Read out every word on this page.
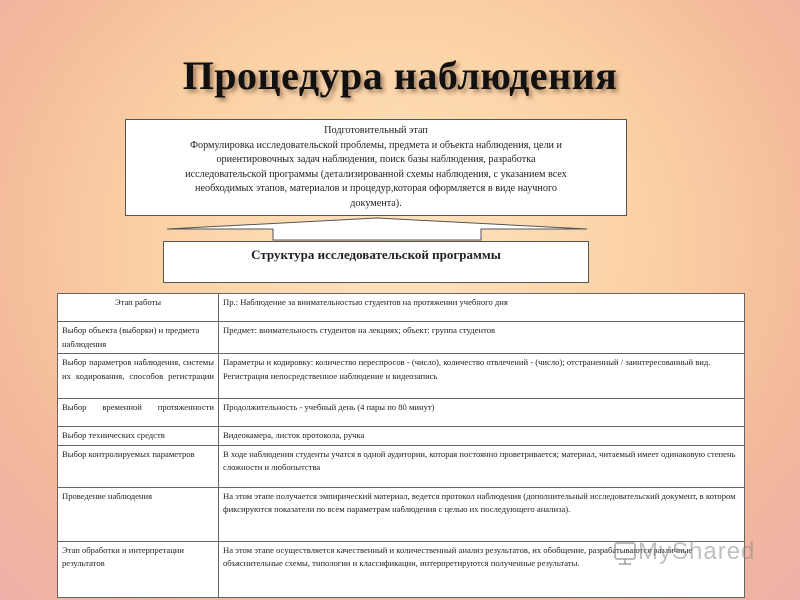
Процедура наблюдения
Подготовительный этап
Формулировка исследовательской проблемы, предмета и объекта наблюдения, цели и
ориентировочных задач наблюдения, поиск базы наблюдения, разработка
исследовательской программы (детализированной схемы наблюдения, с указанием всех
необходимых этапов, материалов и процедур,которая оформляется в виде научного
документа).
Структура исследовательской программы
Этап работы	Пр.: Наблюдение за внимательностью студентов на протяжении учебного дня
Выбор объекта (выборки) и предмета наблюдения	Предмет: внимательность студентов на лекциях; объект: группа студентов
Выбор параметров наблюдения, системы их кодирования, способов регистрации	Параметры и кодировку: количество переспросов - (число), количество отвлечений - (число); отстраненный / заинтересованный вид. Регистрация непосредственное наблюдение и видеозапись
Выбор временной протяженности	Продолжительность - учебный день (4 пары по 80 минут)
Выбор технических средств	Видеокамера, листок протокола, ручка
Выбор контролируемых параметров	В ходе наблюдения студенты учатся в одной аудитории, которая постоянно проветривается; материал, читаемый имеет одинаковую степень сложности и любопытства
Проведение наблюдения	На этом этапе получается эмпирический материал, ведется протокол наблюдения (дополнительный исследовательский документ, в котором фиксируются показатели по всем параметрам наблюдения с целью их последующего анализа).
Этап обработки и интерпретации результатов	На этом этапе осуществляется качественный и количественный анализ результатов, их обобщение, разрабатываются различные объяснительные схемы, типологии и классификации, интерпретируются полученные результаты.	MyShared
